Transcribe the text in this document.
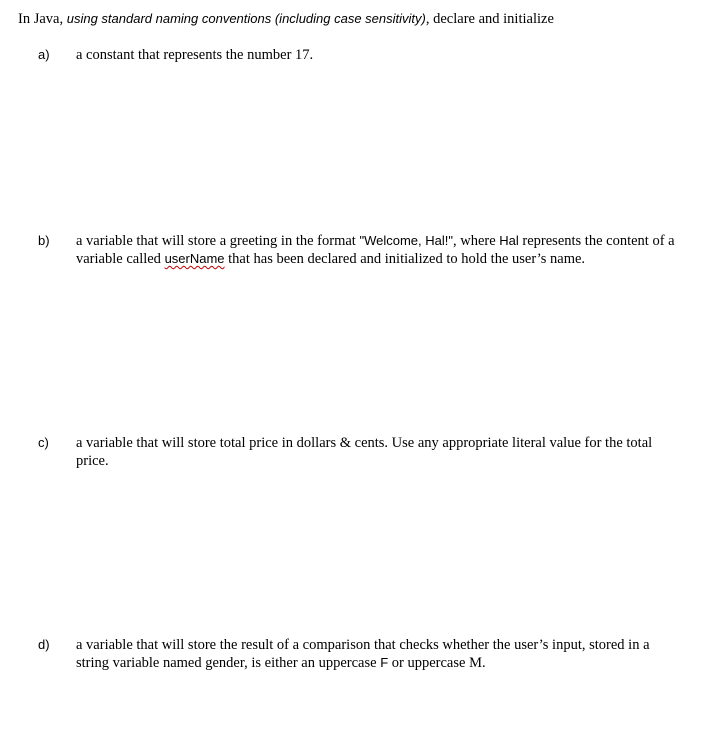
In Java, using standard naming conventions (including case sensitivity), declare and initialize
a) a constant that represents the number 17.
b) a variable that will store a greeting in the format "Welcome, Hal!", where Hal represents the content of a variable called userName that has been declared and initialized to hold the user’s name.
c) a variable that will store total price in dollars & cents. Use any appropriate literal value for the total price.
d) a variable that will store the result of a comparison that checks whether the user’s input, stored in a string variable named gender, is either an uppercase F or uppercase M.
